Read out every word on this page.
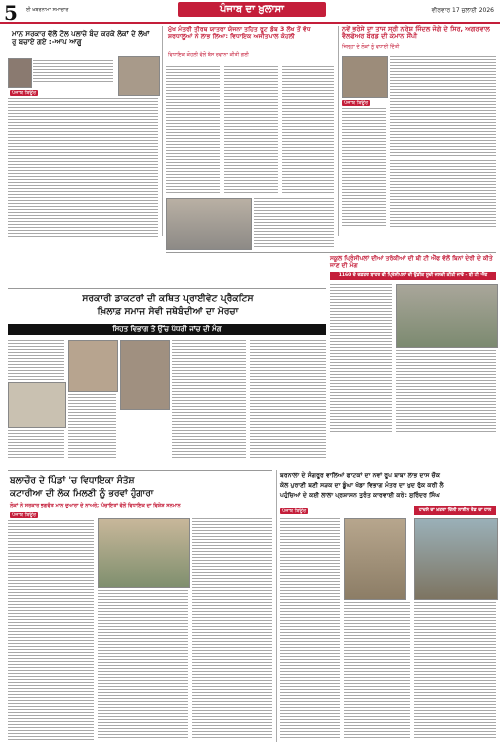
5 ਈ ਖ਼ਬਰਨਾਮਾ ਸਮਾਚਾਰ	ਪੰਜਾਬ ਦਾ ਖ਼ੁਲਾਸਾ	ਵੀਰਵਾਰ 17 ਜੁਲਾਈ 2026
ਮਾਨ ਸਰਕਾਰ ਵੱਲੋਂ ਟੋਲ ਪਲਾਜ਼ੇ ਬੰਦ ਕਰਕੇ ਲੋਕਾਂ ਦੇ ਲੱਖਾਂ ਰੁ ਬਚਾਏ ਗਏ :-ਆਪ ਆਗੂ
ਪੰਜਾਬ ਬਿਊਰੋ
ਮੁੱਖ ਮੰਤਰੀ ਤੀਰਥ ਯਾਤਰਾ ਯੋਜਨਾ ਤਹਿਤ ਰੂਟ ਡੱਬ 3 ਲੱਖ ਤੋਂ ਵੱਧ ਸ਼ਰਧਾਲੂਆਂ ਨੇ ਲਾਭ ਲਿਆ: ਵਿਧਾਇਕ ਅਜੀਤਪਾਲ ਕੋਹਲੀ
ਵਿਧਾਇਕ ਕੋਹਲੀ ਵੱਲੋਂ ਬੱਸ ਰਵਾਨਾ ਕੀਤੀ ਗਈ
ਨਵੇਂ ਭਰੋਸੇ ਦਾ ਤਾਜ ਸ੍ਰੀ ਨਰੇਸ਼ ਜਿੰਦਲ ਜੋਗੇ ਦੇ ਸਿਰ, ਅਗਰਵਾਲ ਵੈਲਫੇਅਰ ਬੋਰਡ ਦੀ ਕਮਾਨ ਸੌਂਪੀ
ਜ਼ਿਲ੍ਹਾ ਦੇ ਲੋਕਾਂ ਨੂੰ ਵਧਾਈ ਦਿੱਤੀ
ਪੰਜਾਬ ਬਿਊਰੋ
ਸਕੂਲ ਪ੍ਰਿੰਸੀਪਲਾਂ ਦੀਆਂ ਤਰੱਕੀਆਂ ਦੀ ਬੀ ਟੀ ਐੱਫ ਵੱਲੋਂ ਬਿਨਾਂ ਦੇਰੀ ਦੇ ਕੀਤੇ ਜਾਣ ਦੀ ਮੰਗ
1160 ਦੇ ਦਫ਼ਤਰ ਬਾਹਰ ਵੀ ਪ੍ਰਿੰਸੀਪਲਾਂ ਦੀ ਉਡੀਕ ਸੂਚੀ ਜਲਦੀ ਕੀਤੀ ਜਾਵੇ - ਬੀ ਟੀ ਐੱਫ
ਸਰਕਾਰੀ ਡਾਕਟਰਾਂ ਦੀ ਕਥਿਤ ਪ੍ਰਾਈਵੇਟ ਪ੍ਰੈਕਟਿਸ
ਖ਼ਿਲਾਫ਼ ਸਮਾਜ ਸੇਵੀ ਜਥੇਬੰਦੀਆਂ ਦਾ ਮੋਰਚਾ
ਸਿਹਤ ਵਿਭਾਗ ਤੋਂ ਉੱਚ ਪੱਧਰੀ ਜਾਂਚ ਦੀ ਮੰਗ
ਬਲਾਚੌਰ ਦੇ ਪਿੰਡਾਂ 'ਚ ਵਿਧਾਇਕਾ ਸੰਤੋਸ਼
ਕਟਾਰੀਆ ਦੀ ਲੋਕ ਮਿਲਣੀ ਨੂੰ ਭਰਵਾਂ ਹੁੰਗਾਰਾ
ਲੋਕਾਂ ਨੇ ਸਰਕਾਰ ਭਗਵੰਤ ਮਾਨ ਦੁਆਰਾ ਦੇ ਨਾਅਰੇ; ਪੰਚਾਇਤਾਂ ਵੱਲੋਂ ਵਿਧਾਇਕ ਦਾ ਵਿਸ਼ੇਸ਼ ਸਨਮਾਨ
ਪੰਜਾਬ ਬਿਊਰੋ
ਬਰਨਾਲਾ ਦੇ ਸੰਗਰੂਰ ਵਾਲਿਆਂ ਫਾਟਕਾਂ ਦਾ ਨਵਾਂ ਰੂਪ ਬਾਬਾ ਲਾਭ ਦਾਸ ਚੌਕ
ਕੋਲ ਪੁਰਾਣੀ ਬਣੀ ਸੜਕ ਦਾ ਡੂੰਘਾ ਖੱਡਾ ਵਿਭਾਗ ਮੰਤਰ ਦਾ ਖੁਦ ਰੁੱਕ ਕਰੀ ਲੈ
ਪਹੁੰਚਿਆਂ ਦੇ ਕਈ ਲਾਲਾ ਪ੍ਰਸ਼ਾਸਨ ਤੁਰੰਤ ਕਾਰਵਾਈ ਕਰੇ: ਸੁਰਿੰਦਰ ਸਿੰਘ
ਹਾਦਸੇ ਦਾ ਖ਼ਤਰਾ ਦਿੱਲੀ ਲਾਈਨ ਰੋਡ ਦਾ ਹਾਲ
ਪੰਜਾਬ ਬਿਊਰੋ
